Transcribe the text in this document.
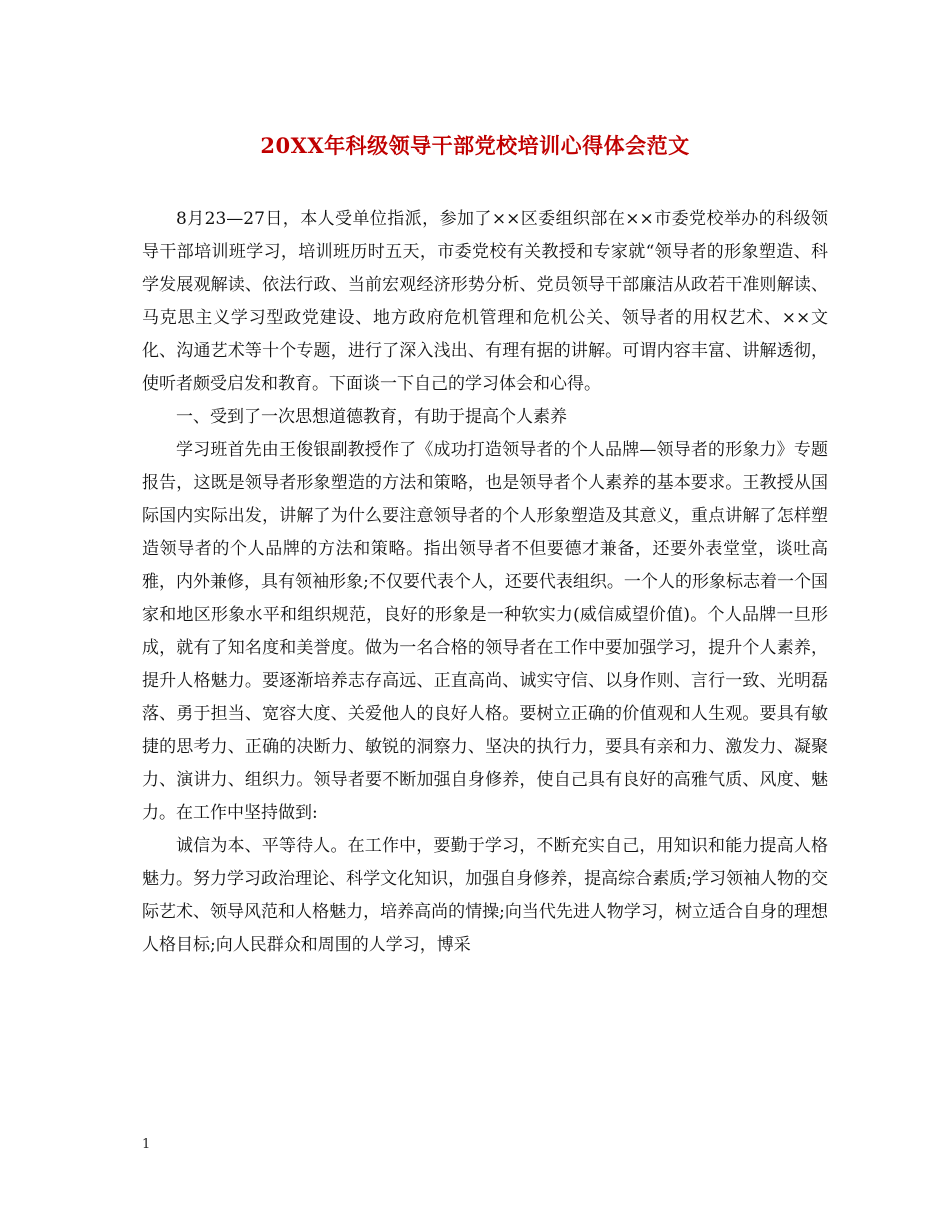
20XX年科级领导干部党校培训心得体会范文

8月23—27日，本人受单位指派，参加了××区委组织部在××市委党校举办的科级领导干部培训班学习，培训班历时五天，市委党校有关教授和专家就“领导者的形象塑造、科学发展观解读、依法行政、当前宏观经济形势分析、党员领导干部廉洁从政若干准则解读、马克思主义学习型政党建设、地方政府危机管理和危机公关、领导者的用权艺术、××文化、沟通艺术等十个专题，进行了深入浅出、有理有据的讲解。可谓内容丰富、讲解透彻，使听者颇受启发和教育。下面谈一下自己的学习体会和心得。

一、受到了一次思想道德教育，有助于提高个人素养

学习班首先由王俊银副教授作了《成功打造领导者的个人品牌—领导者的形象力》专题报告，这既是领导者形象塑造的方法和策略，也是领导者个人素养的基本要求。王教授从国际国内实际出发，讲解了为什么要注意领导者的个人形象塑造及其意义，重点讲解了怎样塑造领导者的个人品牌的方法和策略。指出领导者不但要德才兼备，还要外表堂堂，谈吐高雅，内外兼修，具有领袖形象;不仅要代表个人，还要代表组织。一个人的形象标志着一个国家和地区形象水平和组织规范，良好的形象是一种软实力(威信威望价值)。个人品牌一旦形成，就有了知名度和美誉度。做为一名合格的领导者在工作中要加强学习，提升个人素养，提升人格魅力。要逐渐培养志存高远、正直高尚、诚实守信、以身作则、言行一致、光明磊落、勇于担当、宽容大度、关爱他人的良好人格。要树立正确的价值观和人生观。要具有敏捷的思考力、正确的决断力、敏锐的洞察力、坚决的执行力，要具有亲和力、激发力、凝聚力、演讲力、组织力。领导者要不断加强自身修养，使自己具有良好的高雅气质、风度、魅力。在工作中坚持做到:

诚信为本、平等待人。在工作中，要勤于学习，不断充实自己，用知识和能力提高人格魅力。努力学习政治理论、科学文化知识，加强自身修养，提高综合素质;学习领袖人物的交际艺术、领导风范和人格魅力，培养高尚的情操;向当代先进人物学习，树立适合自身的理想人格目标;向人民群众和周围的人学习，博采

1
